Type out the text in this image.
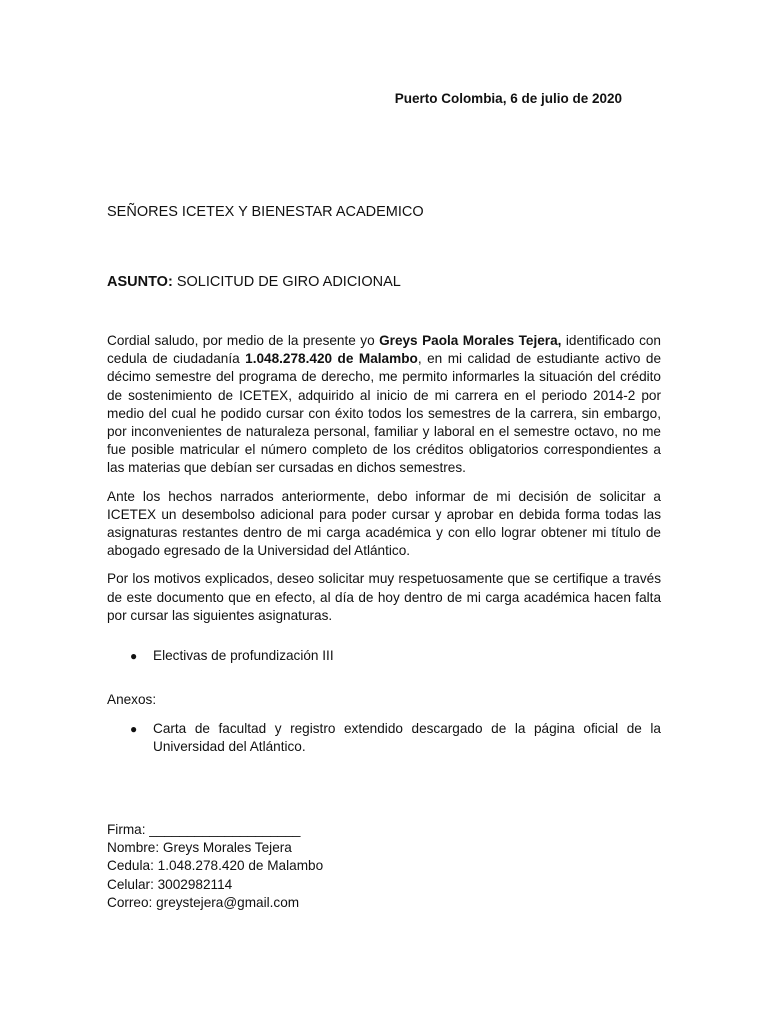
Puerto Colombia, 6 de julio de 2020
SEÑORES ICETEX Y BIENESTAR ACADEMICO
ASUNTO: SOLICITUD DE GIRO ADICIONAL

Cordial saludo, por medio de la presente yo Greys Paola Morales Tejera, identificado con cedula de ciudadanía 1.048.278.420 de Malambo, en mi calidad de estudiante activo de décimo semestre del programa de derecho, me permito informarles la situación del crédito de sostenimiento de ICETEX, adquirido al inicio de mi carrera en el periodo 2014-2 por medio del cual he podido cursar con éxito todos los semestres de la carrera, sin embargo, por inconvenientes de naturaleza personal, familiar y laboral en el semestre octavo, no me fue posible matricular el número completo de los créditos obligatorios correspondientes a las materias que debían ser cursadas en dichos semestres.

Ante los hechos narrados anteriormente, debo informar de mi decisión de solicitar a ICETEX un desembolso adicional para poder cursar y aprobar en debida forma todas las asignaturas restantes dentro de mi carga académica y con ello lograr obtener mi título de abogado egresado de la Universidad del Atlántico.

Por los motivos explicados, deseo solicitar muy respetuosamente que se certifique a través de este documento que en efecto, al día de hoy dentro de mi carga académica hacen falta por cursar las siguientes asignaturas.

● Electivas de profundización III
Anexos:
● Carta de facultad y registro extendido descargado de la página oficial de la Universidad del Atlántico.
Firma: ____________________
Nombre: Greys Morales Tejera
Cedula: 1.048.278.420 de Malambo
Celular: 3002982114
Correo: greystejera@gmail.com
